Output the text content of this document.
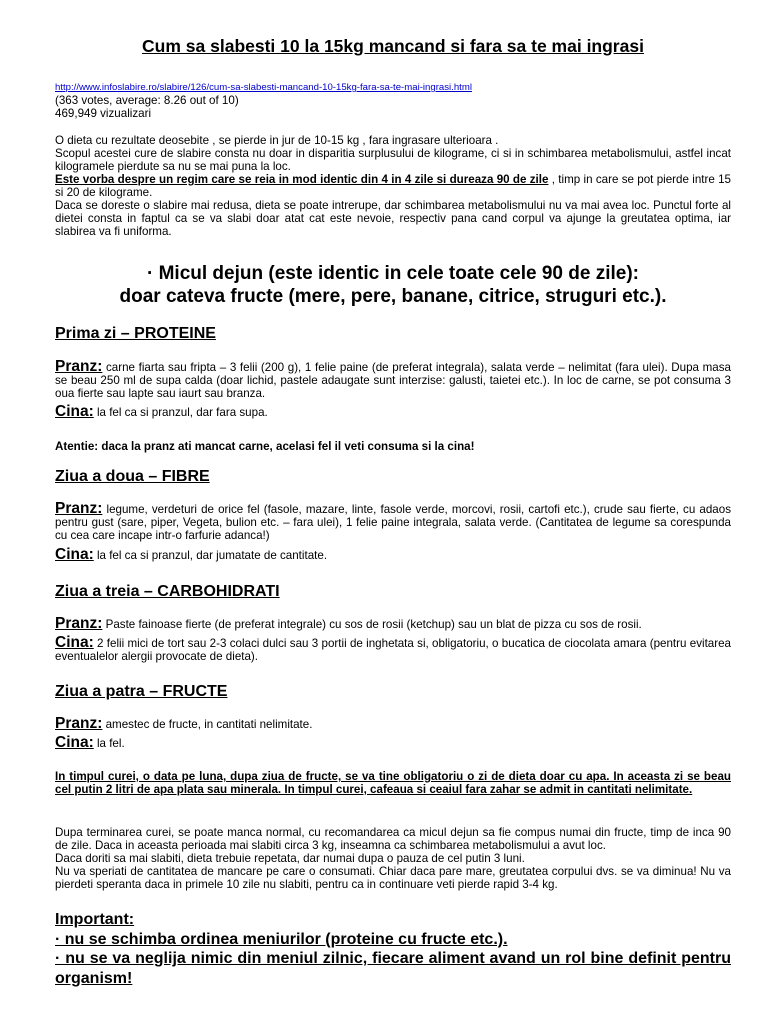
Cum sa slabesti 10 la 15kg mancand si fara sa te mai ingrasi

http://www.infoslabire.ro/slabire/126/cum-sa-slabesti-mancand-10-15kg-fara-sa-te-mai-ingrasi.html

(363 votes, average: 8.26 out of 10)

469,949 vizualizari

O dieta cu rezultate deosebite , se pierde in jur de 10-15 kg , fara ingrasare ulterioara .

Scopul acestei cure de slabire consta nu doar in disparitia surplusului de kilograme, ci si in schimbarea metabolismului, astfel incat kilogramele pierdute sa nu se mai puna la loc.

Este vorba despre un regim care se reia in mod identic din 4 in 4 zile si dureaza 90 de zile , timp in care se pot pierde intre 15 si 20 de kilograme.

Daca se doreste o slabire mai redusa, dieta se poate intrerupe, dar schimbarea metabolismului nu va mai avea loc. Punctul forte al dietei consta in faptul ca se va slabi doar atat cat este nevoie, respectiv pana cand corpul va ajunge la greutatea optima, iar slabirea va fi uniforma.

· Micul dejun (este identic in cele toate cele 90 de zile):

doar cateva fructe (mere, pere, banane, citrice, struguri etc.).

Prima zi – PROTEINE

Pranz: carne fiarta sau fripta – 3 felii (200 g), 1 felie paine (de preferat integrala), salata verde – nelimitat (fara ulei). Dupa masa se beau 250 ml de supa calda (doar lichid, pastele adaugate sunt interzise: galusti, taietei etc.). In loc de carne, se pot consuma 3 oua fierte sau lapte sau iaurt sau branza.
Cina: la fel ca si pranzul, dar fara supa.

Atentie: daca la pranz ati mancat carne, acelasi fel il veti consuma si la cina!

Ziua a doua – FIBRE

Pranz: legume, verdeturi de orice fel (fasole, mazare, linte, fasole verde, morcovi, rosii, cartofi etc.), crude sau fierte, cu adaos pentru gust (sare, piper, Vegeta, bulion etc. – fara ulei), 1 felie paine integrala, salata verde. (Cantitatea de legume sa corespunda cu cea care incape intr-o farfurie adanca!)
Cina: la fel ca si pranzul, dar jumatate de cantitate.

Ziua a treia – CARBOHIDRATI

Pranz: Paste fainoase fierte (de preferat integrale) cu sos de rosii (ketchup) sau un blat de pizza cu sos de rosii.
Cina: 2 felii mici de tort sau 2-3 colaci dulci sau 3 portii de inghetata si, obligatoriu, o bucatica de ciocolata amara (pentru evitarea eventualelor alergii provocate de dieta).

Ziua a patra – FRUCTE

Pranz: amestec de fructe, in cantitati nelimitate.
Cina: la fel.

In timpul curei, o data pe luna, dupa ziua de fructe, se va tine obligatoriu o zi de dieta doar cu apa. In aceasta zi se beau cel putin 2 litri de apa plata sau minerala. In timpul curei, cafeaua si ceaiul fara zahar se admit in cantitati nelimitate.

Dupa terminarea curei, se poate manca normal, cu recomandarea ca micul dejun sa fie compus numai din fructe, timp de inca 90 de zile. Daca in aceasta perioada mai slabiti circa 3 kg, inseamna ca schimbarea metabolismului a avut loc.

Daca doriti sa mai slabiti, dieta trebuie repetata, dar numai dupa o pauza de cel putin 3 luni.

Nu va speriati de cantitatea de mancare pe care o consumati. Chiar daca pare mare, greutatea corpului dvs. se va diminua! Nu va pierdeti speranta daca in primele 10 zile nu slabiti, pentru ca in continuare veti pierde rapid 3-4 kg.

Important:

· nu se schimba ordinea meniurilor (proteine cu fructe etc.).

· nu se va neglija nimic din meniul zilnic, fiecare aliment avand un rol bine definit pentru organism!
